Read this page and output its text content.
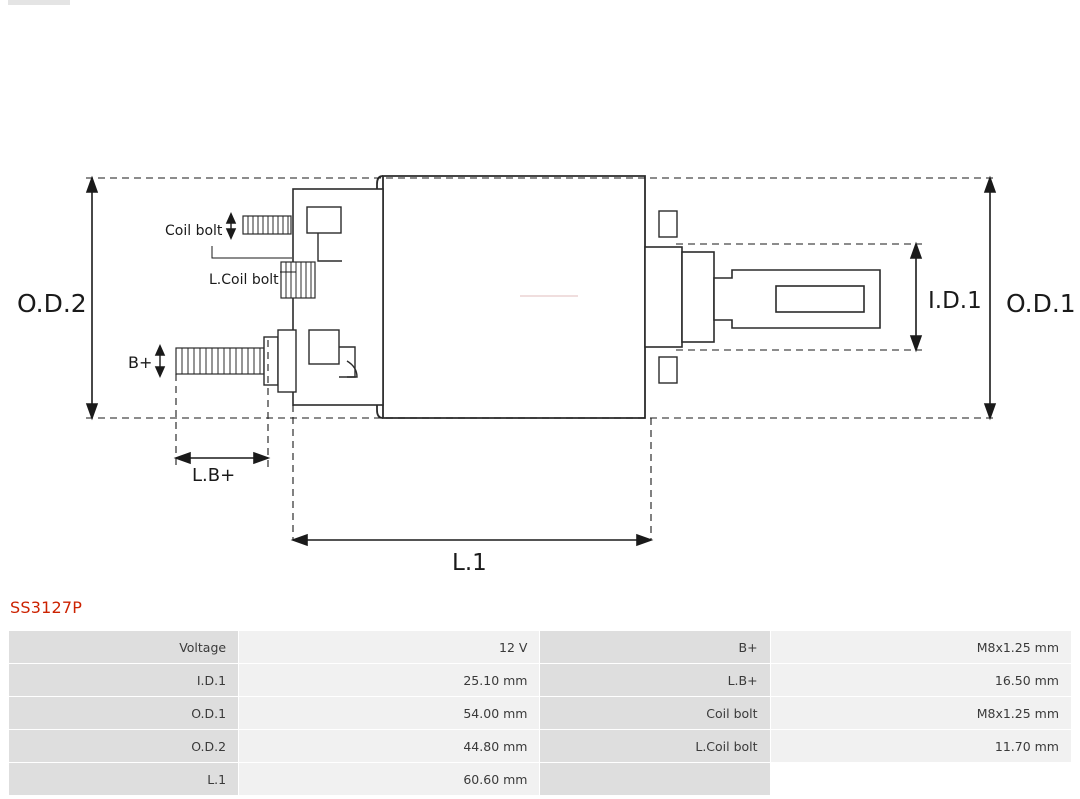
O.D.2	O.D.1
I.D.1
L.1
L.B+
B+
Coil bolt
L.Coil bolt
SS3127P
Voltage	12 V	B+	M8x1.25 mm
I.D.1	25.10 mm	L.B+	16.50 mm
O.D.1	54.00 mm	Coil bolt	M8x1.25 mm
O.D.2	44.80 mm	L.Coil bolt	11.70 mm
L.1	60.60 mm		
